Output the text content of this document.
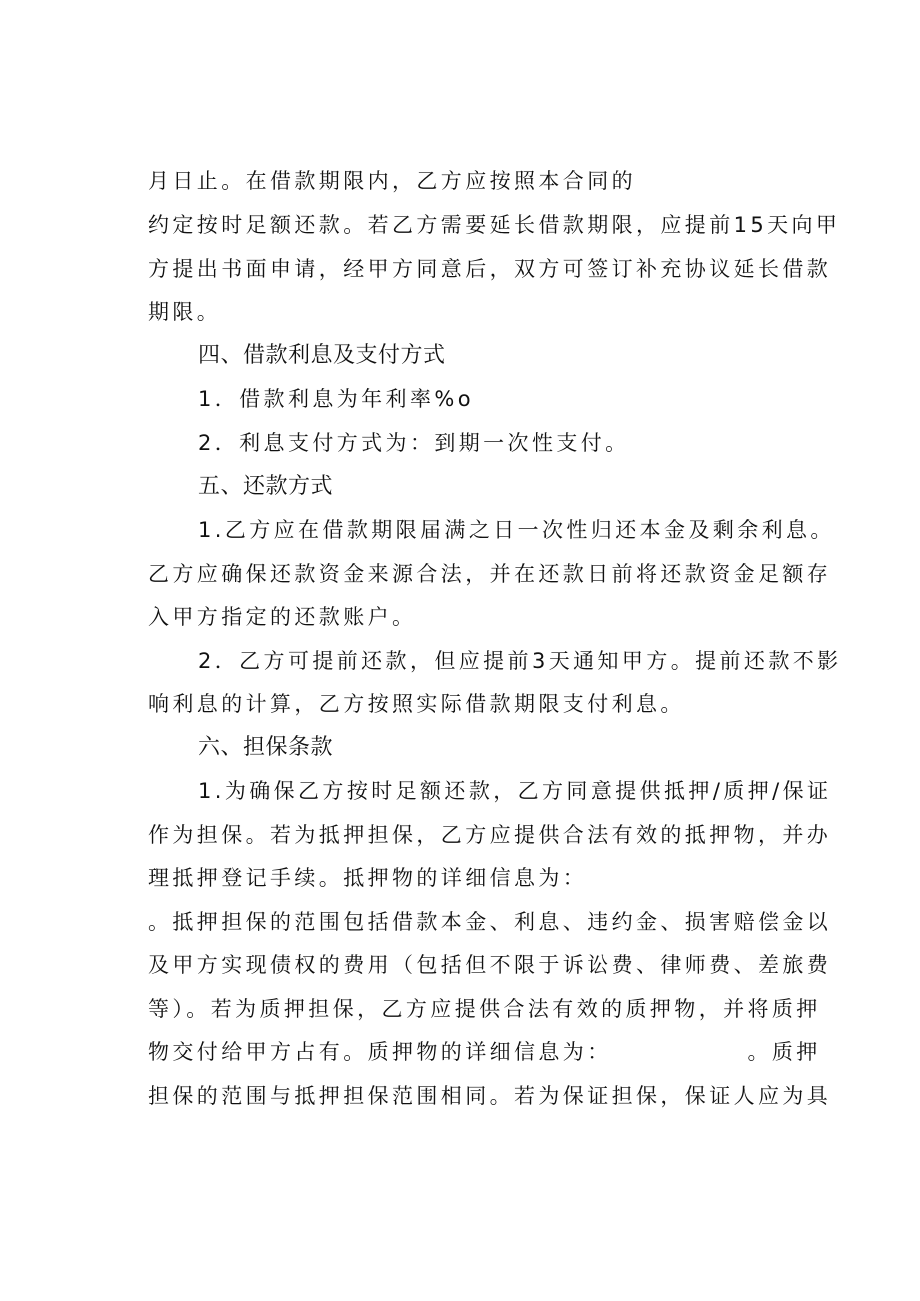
月日止。在借款期限内，乙方应按照本合同的
约定按时足额还款。若乙方需要延长借款期限，应提前15天向甲
方提出书面申请，经甲方同意后，双方可签订补充协议延长借款
期限。
四、借款利息及支付方式
1．借款利息为年利率%o
2．利息支付方式为：到期一次性支付。
五、还款方式
1.乙方应在借款期限届满之日一次性归还本金及剩余利息。
乙方应确保还款资金来源合法，并在还款日前将还款资金足额存
入甲方指定的还款账户。
2．乙方可提前还款，但应提前3天通知甲方。提前还款不影
响利息的计算，乙方按照实际借款期限支付利息。
六、担保条款
1.为确保乙方按时足额还款，乙方同意提供抵押/质押/保证
作为担保。若为抵押担保，乙方应提供合法有效的抵押物，并办
理抵押登记手续。抵押物的详细信息为：
。抵押担保的范围包括借款本金、利息、违约金、损害赔偿金以
及甲方实现债权的费用（包括但不限于诉讼费、律师费、差旅费
等）。若为质押担保，乙方应提供合法有效的质押物，并将质押
物交付给甲方占有。质押物的详细信息为：　　　　　　。质押
担保的范围与抵押担保范围相同。若为保证担保，保证人应为具
